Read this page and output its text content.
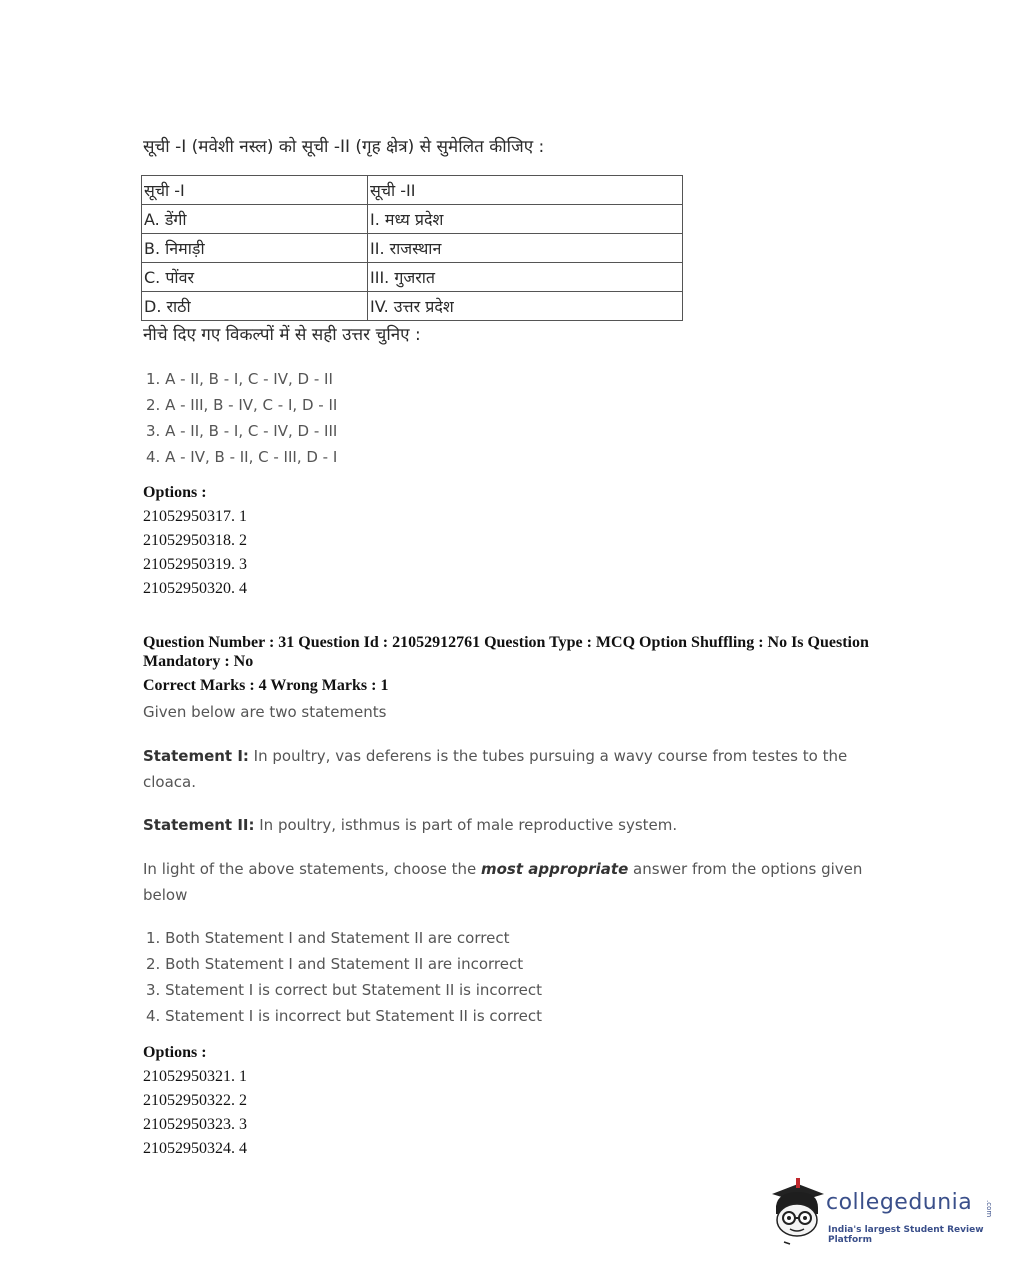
सूची -I (मवेशी नस्ल) को सूची -II (गृह क्षेत्र) से सुमेलित कीजिए :
सूची -I	सूची -II
A. डेंगी	I. मध्य प्रदेश
B. निमाड़ी	II. राजस्थान
C. पोंवर	III. गुजरात
D. राठी	IV. उत्तर प्रदेश
नीचे दिए गए विकल्पों में से सही उत्तर चुनिए :
1. A - II, B - I, C - IV, D - II
2. A - III, B - IV, C - I, D - II
3. A - II, B - I, C - IV, D - III
4. A - IV, B - II, C - III, D - I
Options :
21052950317. 1
21052950318. 2
21052950319. 3
21052950320. 4
Question Number : 31 Question Id : 21052912761 Question Type : MCQ Option Shuffling : No Is Question Mandatory : No
Correct Marks : 4 Wrong Marks : 1
Given below are two statements
Statement I: In poultry, vas deferens is the tubes pursuing a wavy course from testes to the cloaca.
Statement II: In poultry, isthmus is part of male reproductive system.
In light of the above statements, choose the most appropriate answer from the options given below
1. Both Statement I and Statement II are correct
2. Both Statement I and Statement II are incorrect
3. Statement I is correct but Statement II is incorrect
4. Statement I is incorrect but Statement II is correct
Options :
21052950321. 1
21052950322. 2
21052950323. 3
21052950324. 4
collegedunia .com
India's largest Student Review Platform
